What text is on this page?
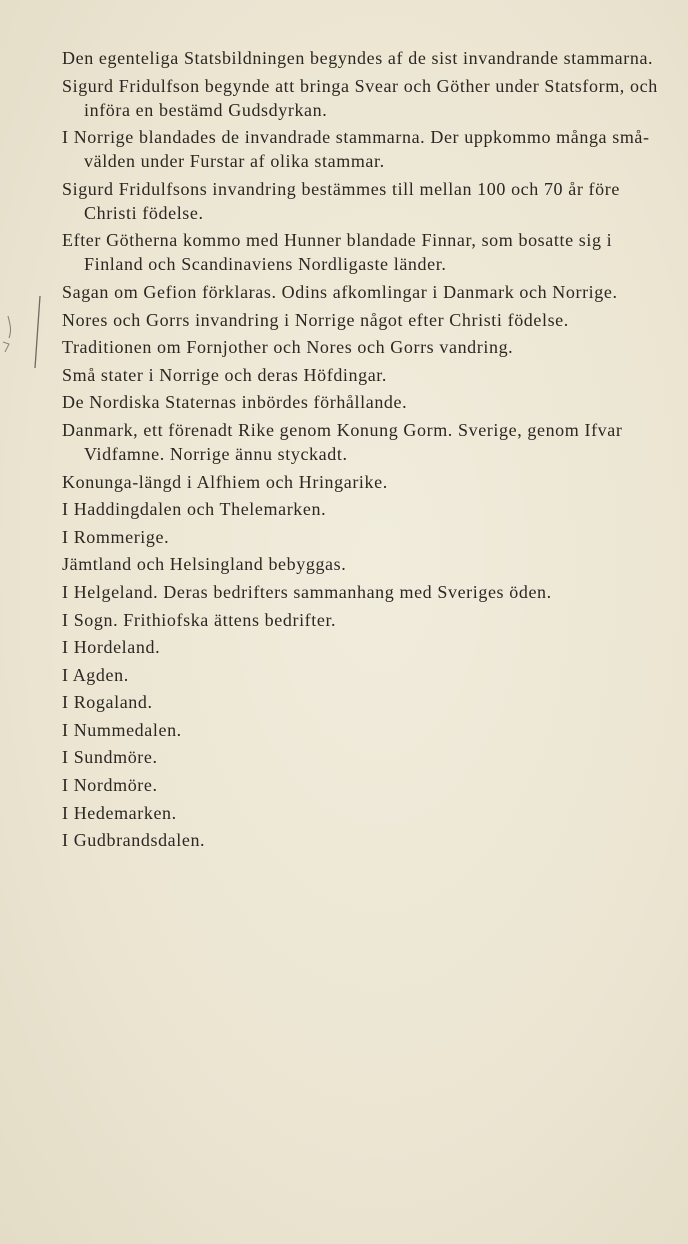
Den egenteliga Statsbildningen begyndes af de sist invandrande stammarna.
Sigurd Fridulfson begynde att bringa Svear och Göther under Statsform, och införa en bestämd Gudsdyrkan.
I Norrige blandades de invandrade stammarna. Der uppkommo många små-välden under Furstar af olika stammar.
Sigurd Fridulfsons invandring bestämmes till mellan 100 och 70 år före Christi födelse.
Efter Götherna kommo med Hunner blandade Finnar, som bosatte sig i Finland och Scandinaviens Nordligaste länder.
Sagan om Gefion förklaras. Odins afkomlingar i Danmark och Norrige.
Nores och Gorrs invandring i Norrige något efter Christi födelse.
Traditionen om Fornjother och Nores och Gorrs vandring.
Små stater i Norrige och deras Höfdingar.
De Nordiska Staternas inbördes förhållande.
Danmark, ett förenadt Rike genom Konung Gorm. Sverige, genom Ifvar Vidfamne. Norrige ännu styckadt.
Konunga-längd i Alfhiem och Hringarike.
I Haddingdalen och Thelemarken.
I Rommerige.
Jämtland och Helsingland bebyggas.
I Helgeland. Deras bedrifters sammanhang med Sveriges öden.
I Sogn. Frithiofska ättens bedrifter.
I Hordeland.
I Agden.
I Rogaland.
I Nummedalen.
I Sundmöre.
I Nordmöre.
I Hedemarken.
I Gudbrandsdalen.
